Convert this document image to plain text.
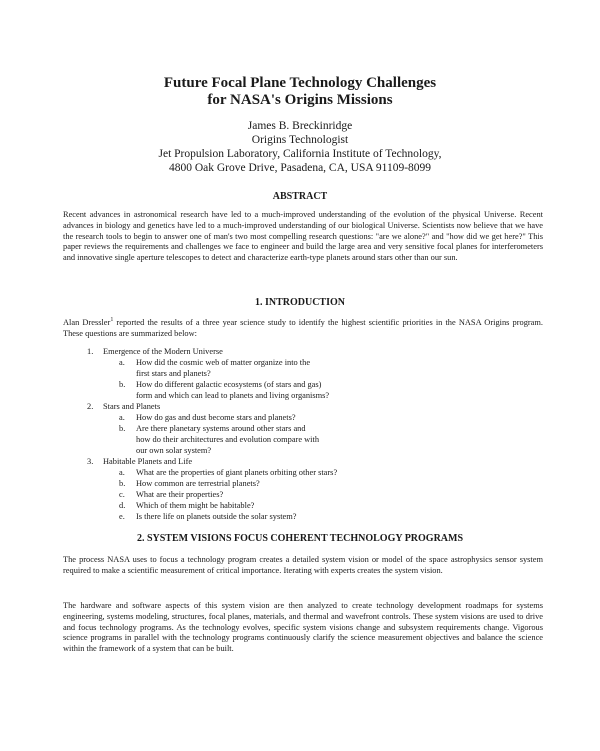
Future Focal Plane Technology Challenges
for NASA's Origins Missions
James B. Breckinridge
Origins Technologist
Jet Propulsion Laboratory, California Institute of Technology,
4800 Oak Grove Drive, Pasadena, CA, USA 91109-8099
ABSTRACT
Recent advances in astronomical research have led to a much-improved understanding of the evolution of the physical Universe. Recent advances in biology and genetics have led to a much-improved understanding of our biological Universe. Scientists now believe that we have the research tools to begin to answer one of man's two most compelling research questions: "are we alone?" and "how did we get here?" This paper reviews the requirements and challenges we face to engineer and build the large area and very sensitive focal planes for interferometers and innovative single aperture telescopes to detect and characterize earth-type planets around stars other than our sun.
1. INTRODUCTION
Alan Dressler$^1$ reported the results of a three year science study to identify the highest scientific priorities in the NASA Origins program. These questions are summarized below:
1. Emergence of the Modern Universe
a. How did the cosmic web of matter organize into the
first stars and planets?
b. How do different galactic ecosystems (of stars and gas)
form and which can lead to planets and living organisms?
2. Stars and Planets
a. How do gas and dust become stars and planets?
b. Are there planetary systems around other stars and
how do their architectures and evolution compare with
our own solar system?
3. Habitable Planets and Life
a. What are the properties of giant planets orbiting other stars?
b. How common are terrestrial planets?
c. What are their properties?
d. Which of them might be habitable?
e. Is there life on planets outside the solar system?
2. SYSTEM VISIONS FOCUS COHERENT TECHNOLOGY PROGRAMS
The process NASA uses to focus a technology program creates a detailed system vision or model of the space astrophysics sensor system required to make a scientific measurement of critical importance. Iterating with experts creates the system vision.
The hardware and software aspects of this system vision are then analyzed to create technology development roadmaps for systems engineering, systems modeling, structures, focal planes, materials, and thermal and wavefront controls. These system visions are used to drive and focus technology programs. As the technology evolves, specific system visions change and subsystem requirements change. Vigorous science programs in parallel with the technology programs continuously clarify the science measurement objectives and balance the science within the framework of a system that can be built.
